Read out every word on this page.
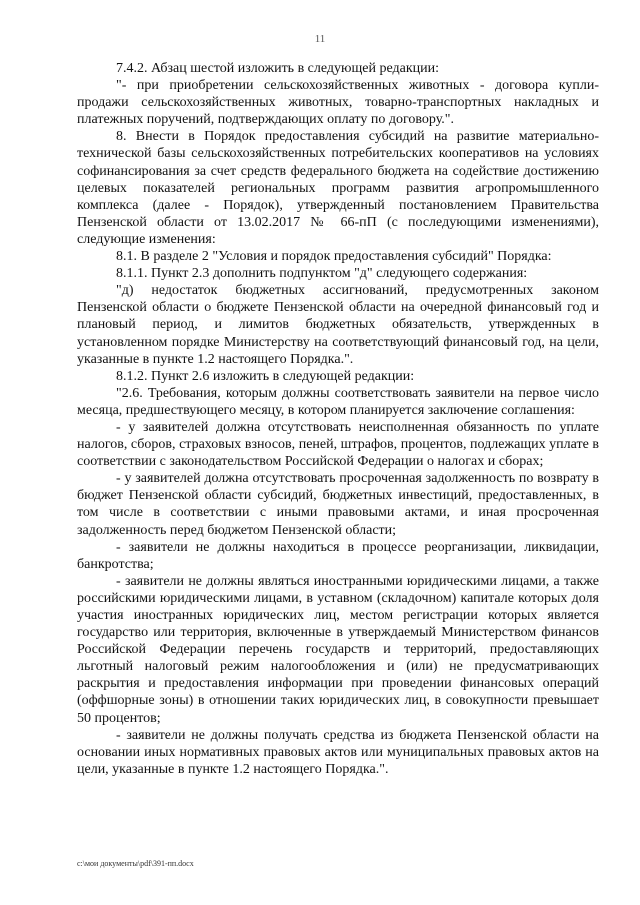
11

7.4.2. Абзац шестой изложить в следующей редакции:

"- при приобретении сельскохозяйственных животных - договора купли-продажи сельскохозяйственных животных, товарно-транспортных накладных и платежных поручений, подтверждающих оплату по договору.".

8. Внести в Порядок предоставления субсидий на развитие материально-технической базы сельскохозяйственных потребительских кооперативов на условиях софинансирования за счет средств федерального бюджета на содействие достижению целевых показателей региональных программ развития агропромышленного комплекса (далее - Порядок), утвержденный постановлением Правительства Пензенской области от 13.02.2017 № 66-пП (с последующими изменениями), следующие изменения:

8.1. В разделе 2 "Условия и порядок предоставления субсидий" Порядка:

8.1.1. Пункт 2.3 дополнить подпунктом "д" следующего содержания:

"д) недостаток бюджетных ассигнований, предусмотренных законом Пензенской области о бюджете Пензенской области на очередной финансовый год и плановый период, и лимитов бюджетных обязательств, утвержденных в установленном порядке Министерству на соответствующий финансовый год, на цели, указанные в пункте 1.2 настоящего Порядка.".

8.1.2. Пункт 2.6 изложить в следующей редакции:

"2.6. Требования, которым должны соответствовать заявители на первое число месяца, предшествующего месяцу, в котором планируется заключение соглашения:

- у заявителей должна отсутствовать неисполненная обязанность по уплате налогов, сборов, страховых взносов, пеней, штрафов, процентов, подлежащих уплате в соответствии с законодательством Российской Федерации о налогах и сборах;

- у заявителей должна отсутствовать просроченная задолженность по возврату в бюджет Пензенской области субсидий, бюджетных инвестиций, предоставленных, в том числе в соответствии с иными правовыми актами, и иная просроченная задолженность перед бюджетом Пензенской области;

- заявители не должны находиться в процессе реорганизации, ликвидации, банкротства;

- заявители не должны являться иностранными юридическими лицами, а также российскими юридическими лицами, в уставном (складочном) капитале которых доля участия иностранных юридических лиц, местом регистрации которых является государство или территория, включенные в утверждаемый Министерством финансов Российской Федерации перечень государств и территорий, предоставляющих льготный налоговый режим налогообложения и (или) не предусматривающих раскрытия и предоставления информации при проведении финансовых операций (оффшорные зоны) в отношении таких юридических лиц, в совокупности превышает 50 процентов;

- заявители не должны получать средства из бюджета Пензенской области на основании иных нормативных правовых актов или муниципальных правовых актов на цели, указанные в пункте 1.2 настоящего Порядка.".

c:\мои документы\pdf\391-пп.docx
